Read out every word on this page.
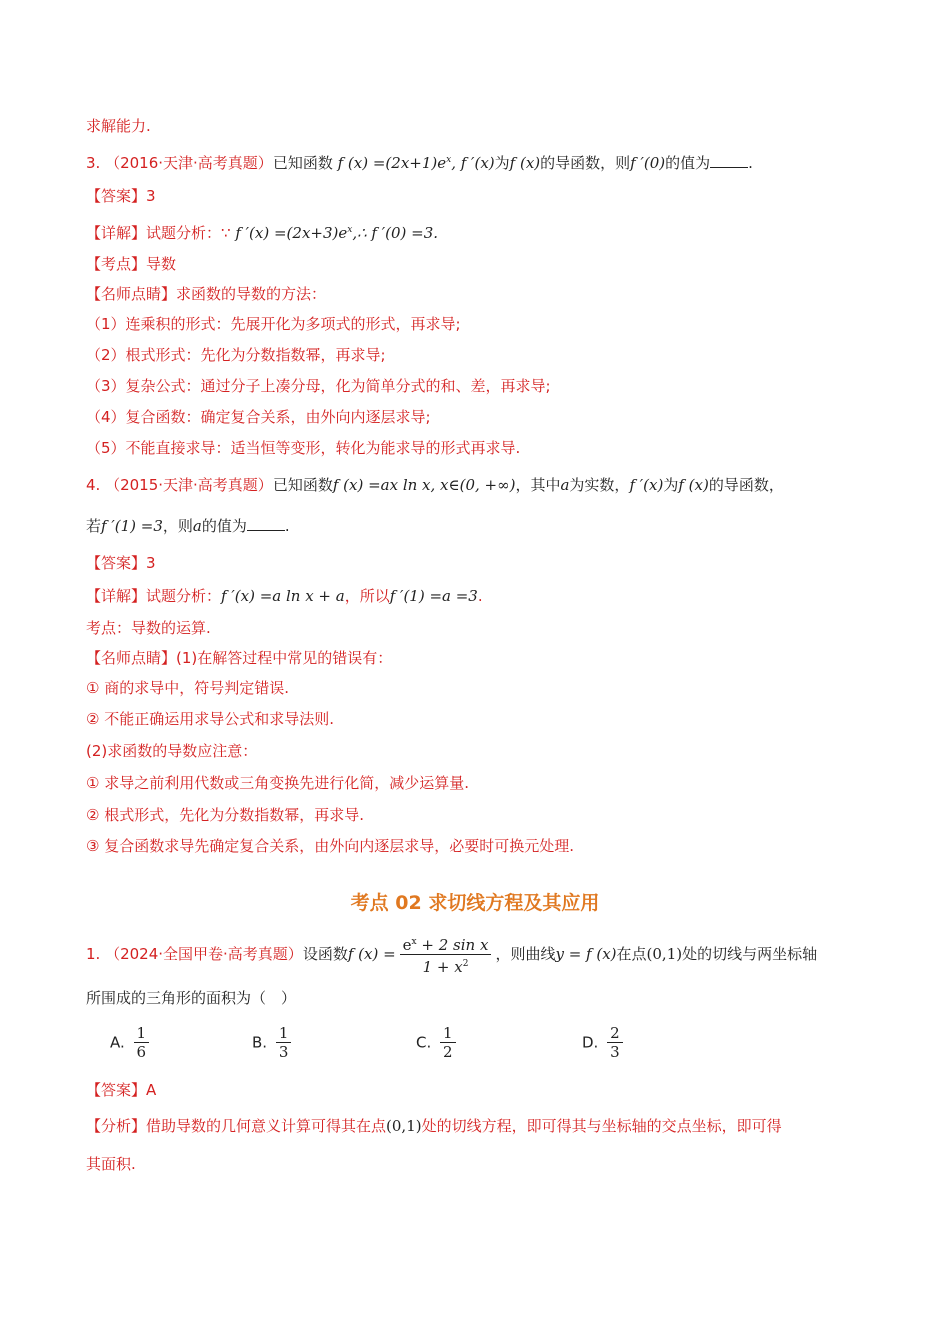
求解能力.
3. （2016·天津·高考真题）已知函数 f $(x) =(2x+1)e^x$, f ′(x)为f (x)的导函数，则f ′(0)的值为	.
【答案】3
【详解】试题分析：∵ f $'(x) =(2x+3)e^x,\therefore$ f ′(0) =3.
【考点】导数
【名师点睛】求函数的导数的方法：
（1）连乘积的形式：先展开化为多项式的形式，再求导;
（2）根式形式：先化为分数指数幂，再求导;
（3）复杂公式：通过分子上凑分母，化为简单分式的和、差，再求导;
（4）复合函数：确定复合关系，由外向内逐层求导;
（5）不能直接求导：适当恒等变形，转化为能求导的形式再求导.
4. （2015·天津·高考真题）已知函数f (x) =ax ln x, x∈(0, +∞)，其中a为实数，f ′(x)为f (x)的导函数，
若f ′(1) =3，则a的值为	.
【答案】3
【详解】试题分析：f ′(x) =a ln x + a，所以f ′(1) =a =3.
考点：导数的运算.
【名师点睛】(1)在解答过程中常见的错误有：
① 商的求导中，符号判定错误.
② 不能正确运用求导公式和求导法则.
(2)求函数的导数应注意：
① 求导之前利用代数或三角变换先进行化简，减少运算量.
② 根式形式，先化为分数指数幂，再求导.
③ 复合函数求导先确定复合关系，由外向内逐层求导，必要时可换元处理.
考点 02 求切线方程及其应用
1. （2024·全国甲卷·高考真题）设函数f $(x) = \frac{e^x + 2 \sin x}{1 + x^2}$ ，则曲线y = f (x)在点(0,1)处的切线与两坐标轴
所围成的三角形的面积为（　）
A. $\frac{1}{6}$	B. $\frac{1}{3}$	C. $\frac{1}{2}$	D. $\frac{2}{3}$
【答案】A
【分析】借助导数的几何意义计算可得其在点(0,1)处的切线方程，即可得其与坐标轴的交点坐标，即可得
其面积.
